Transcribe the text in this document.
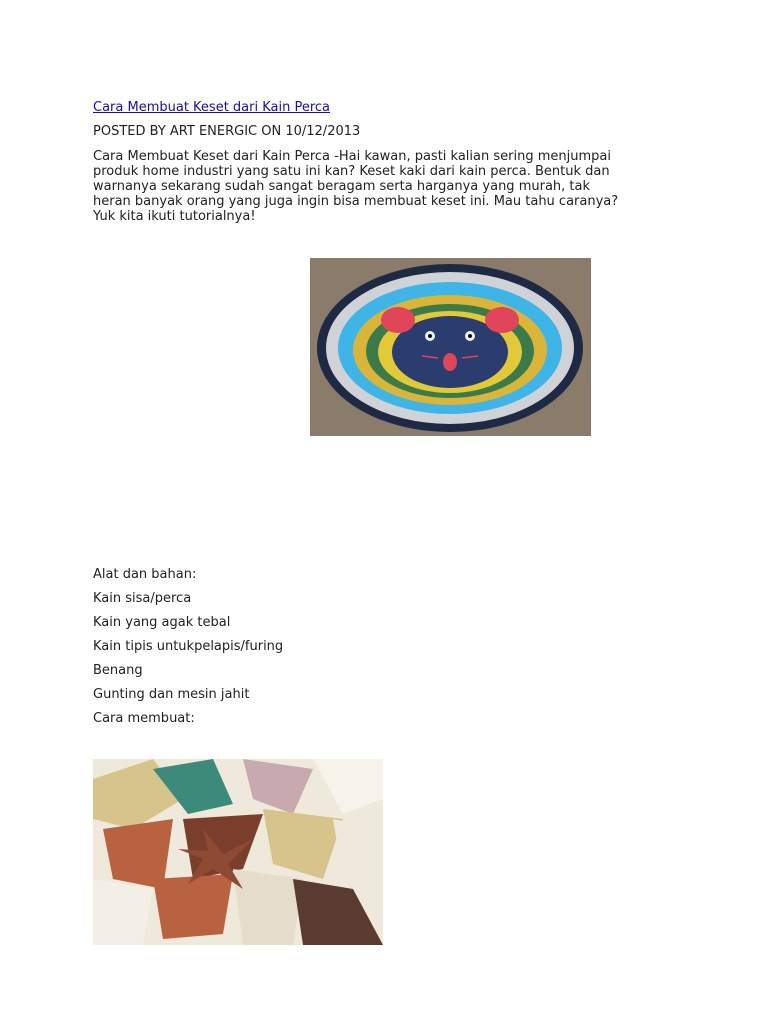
Cara Membuat Keset dari Kain Perca
POSTED BY ART ENERGIC ON 10/12/2013

Cara Membuat Keset dari Kain Perca -Hai kawan, pasti kalian sering menjumpai
produk home industri yang satu ini kan? Keset kaki dari kain perca. Bentuk dan
warnanya sekarang sudah sangat beragam serta harganya yang murah, tak
heran banyak orang yang juga ingin bisa membuat keset ini. Mau tahu caranya?
Yuk kita ikuti tutorialnya!

Alat dan bahan:
Kain sisa/perca
Kain yang agak tebal
Kain tipis untukpelapis/furing
Benang
Gunting dan mesin jahit
Cara membuat:
